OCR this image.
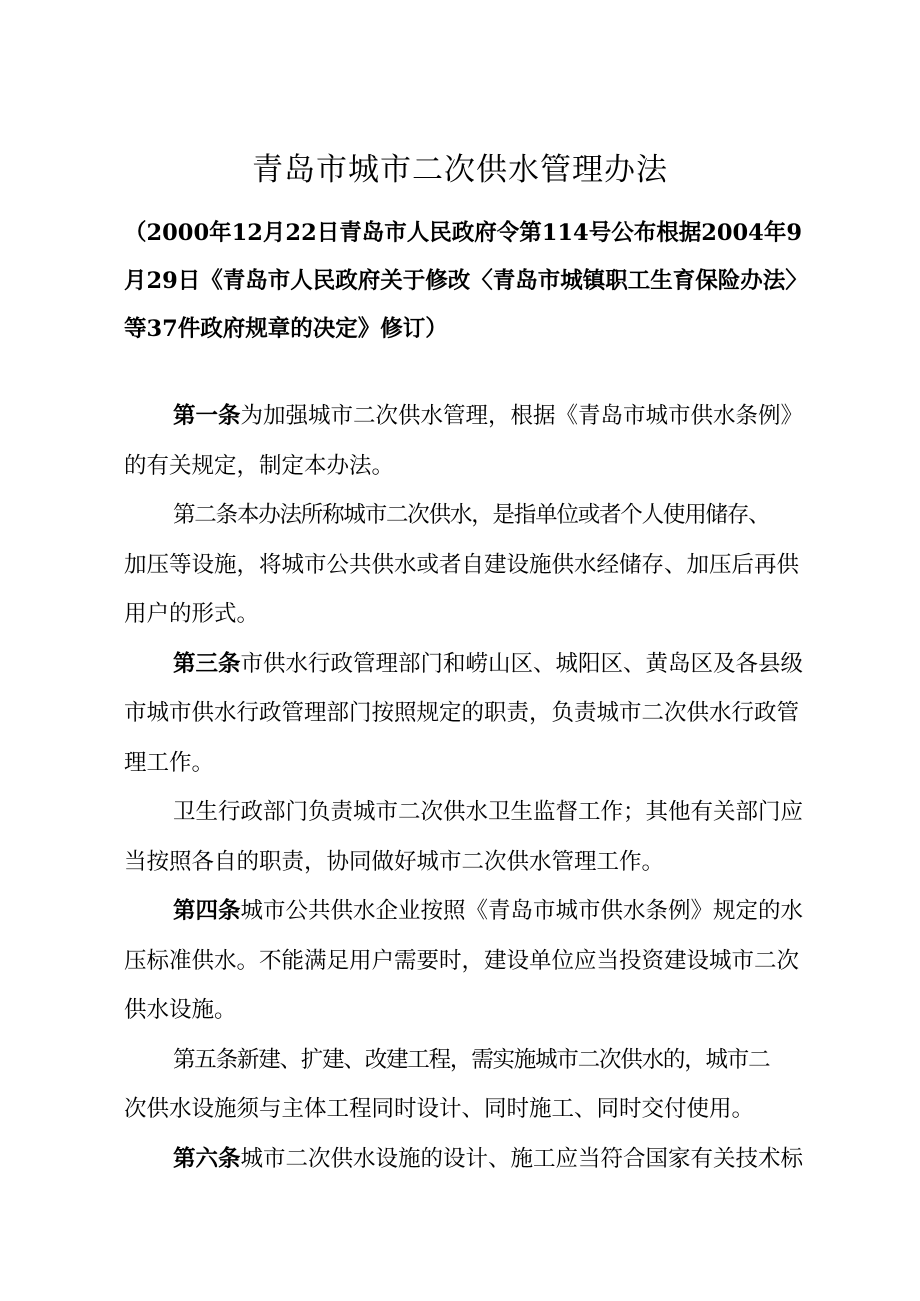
青岛市城市二次供水管理办法
（2000年12月22日青岛市人民政府令第114号公布根据2004年9
月29日《青岛市人民政府关于修改〈青岛市城镇职工生育保险办法〉
等37件政府规章的决定》修订）
第一条为加强城市二次供水管理，根据《青岛市城市供水条例》
的有关规定，制定本办法。
第二条本办法所称城市二次供水，是指单位或者个人使用储存、
加压等设施，将城市公共供水或者自建设施供水经储存、加压后再供
用户的形式。
第三条市供水行政管理部门和崂山区、城阳区、黄岛区及各县级
市城市供水行政管理部门按照规定的职责，负责城市二次供水行政管
理工作。
卫生行政部门负责城市二次供水卫生监督工作；其他有关部门应
当按照各自的职责，协同做好城市二次供水管理工作。
第四条城市公共供水企业按照《青岛市城市供水条例》规定的水
压标准供水。不能满足用户需要时，建设单位应当投资建设城市二次
供水设施。
第五条新建、扩建、改建工程，需实施城市二次供水的，城市二
次供水设施须与主体工程同时设计、同时施工、同时交付使用。
第六条城市二次供水设施的设计、施工应当符合国家有关技术标
